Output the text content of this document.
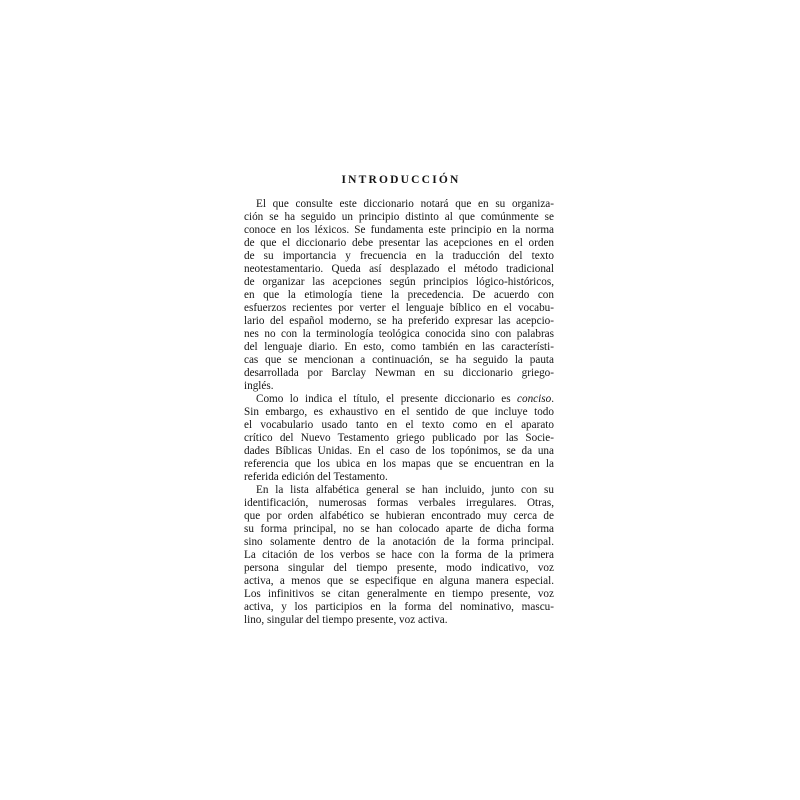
INTRODUCCIÓN
El que consulte este diccionario notará que en su organiza-
ción se ha seguido un principio distinto al que comúnmente se
conoce en los léxicos. Se fundamenta este principio en la norma
de que el diccionario debe presentar las acepciones en el orden
de su importancia y frecuencia en la traducción del texto
neotestamentario. Queda así desplazado el método tradicional
de organizar las acepciones según principios lógico-históricos,
en que la etimología tiene la precedencia. De acuerdo con
esfuerzos recientes por verter el lenguaje bíblico en el vocabu-
lario del español moderno, se ha preferido expresar las acepcio-
nes no con la terminología teológica conocida sino con palabras
del lenguaje diario. En esto, como también en las característi-
cas que se mencionan a continuación, se ha seguido la pauta
desarrollada por Barclay Newman en su diccionario griego-
inglés.
Como lo indica el título, el presente diccionario es conciso.
Sin embargo, es exhaustivo en el sentido de que incluye todo
el vocabulario usado tanto en el texto como en el aparato
crítico del Nuevo Testamento griego publicado por las Socie-
dades Bíblicas Unidas. En el caso de los topónimos, se da una
referencia que los ubica en los mapas que se encuentran en la
referida edición del Testamento.
En la lista alfabética general se han incluido, junto con su
identificación, numerosas formas verbales irregulares. Otras,
que por orden alfabético se hubieran encontrado muy cerca de
su forma principal, no se han colocado aparte de dicha forma
sino solamente dentro de la anotación de la forma principal.
La citación de los verbos se hace con la forma de la primera
persona singular del tiempo presente, modo indicativo, voz
activa, a menos que se especifique en alguna manera especial.
Los infinitivos se citan generalmente en tiempo presente, voz
activa, y los participios en la forma del nominativo, mascu-
lino, singular del tiempo presente, voz activa.
